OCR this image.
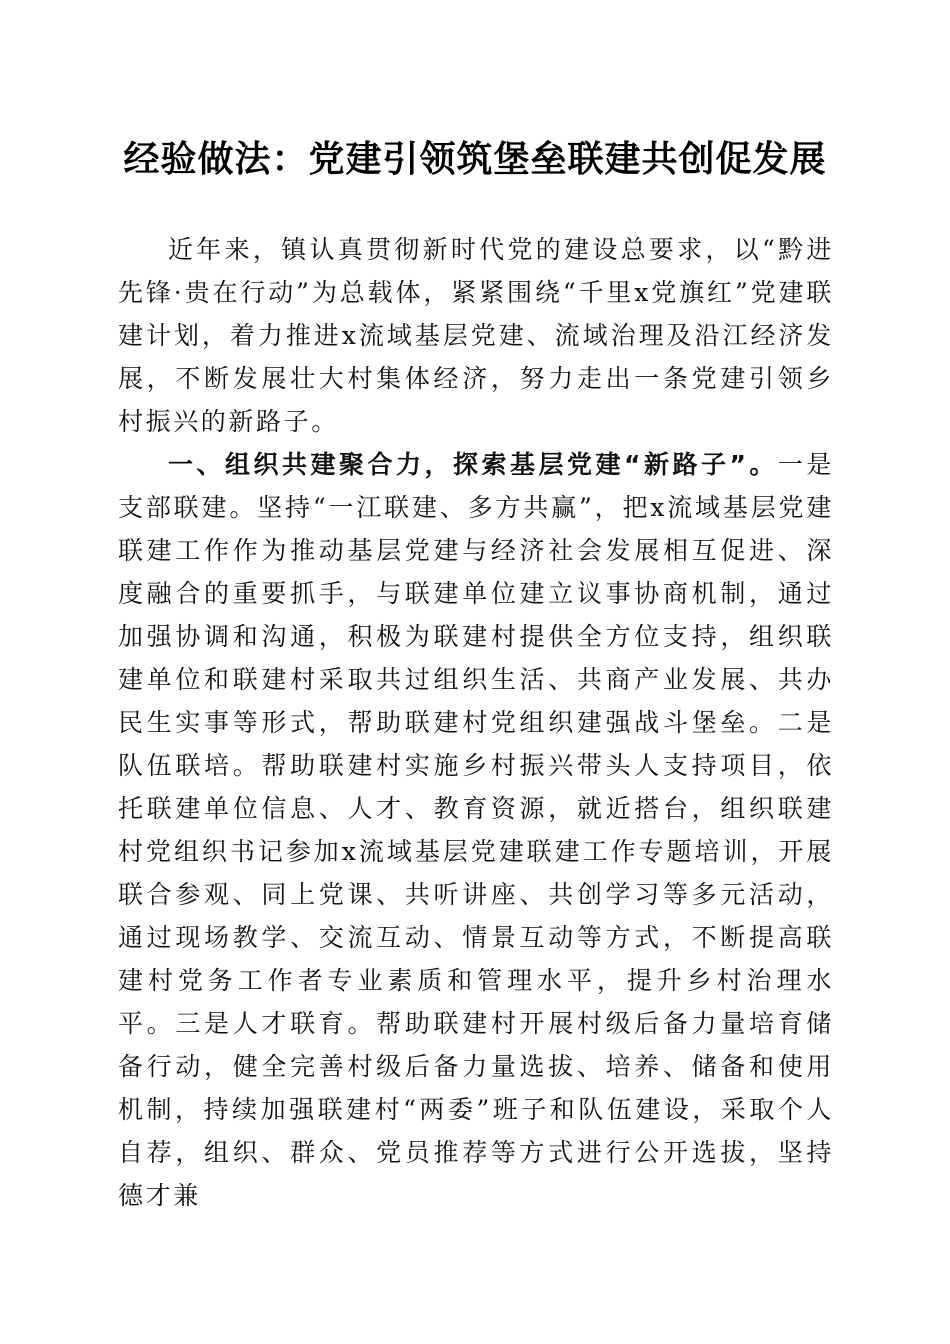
经验做法：党建引领筑堡垒联建共创促发展

近年来，镇认真贯彻新时代党的建设总要求，以“黔进先锋·贵在行动”为总载体，紧紧围绕“千里x党旗红”党建联建计划，着力推进x流域基层党建、流域治理及沿江经济发展，不断发展壮大村集体经济，努力走出一条党建引领乡村振兴的新路子。

一、组织共建聚合力，探索基层党建“新路子”。一是支部联建。坚持“一江联建、多方共赢”，把x流域基层党建联建工作作为推动基层党建与经济社会发展相互促进、深度融合的重要抓手，与联建单位建立议事协商机制，通过加强协调和沟通，积极为联建村提供全方位支持，组织联建单位和联建村采取共过组织生活、共商产业发展、共办民生实事等形式，帮助联建村党组织建强战斗堡垒。二是队伍联培。帮助联建村实施乡村振兴带头人支持项目，依托联建单位信息、人才、教育资源，就近搭台，组织联建村党组织书记参加x流域基层党建联建工作专题培训，开展联合参观、同上党课、共听讲座、共创学习等多元活动，通过现场教学、交流互动、情景互动等方式，不断提高联建村党务工作者专业素质和管理水平，提升乡村治理水平。三是人才联育。帮助联建村开展村级后备力量培育储备行动，健全完善村级后备力量选拔、培养、储备和使用机制，持续加强联建村“两委”班子和队伍建设，采取个人自荐，组织、群众、党员推荐等方式进行公开选拔，坚持德才兼
